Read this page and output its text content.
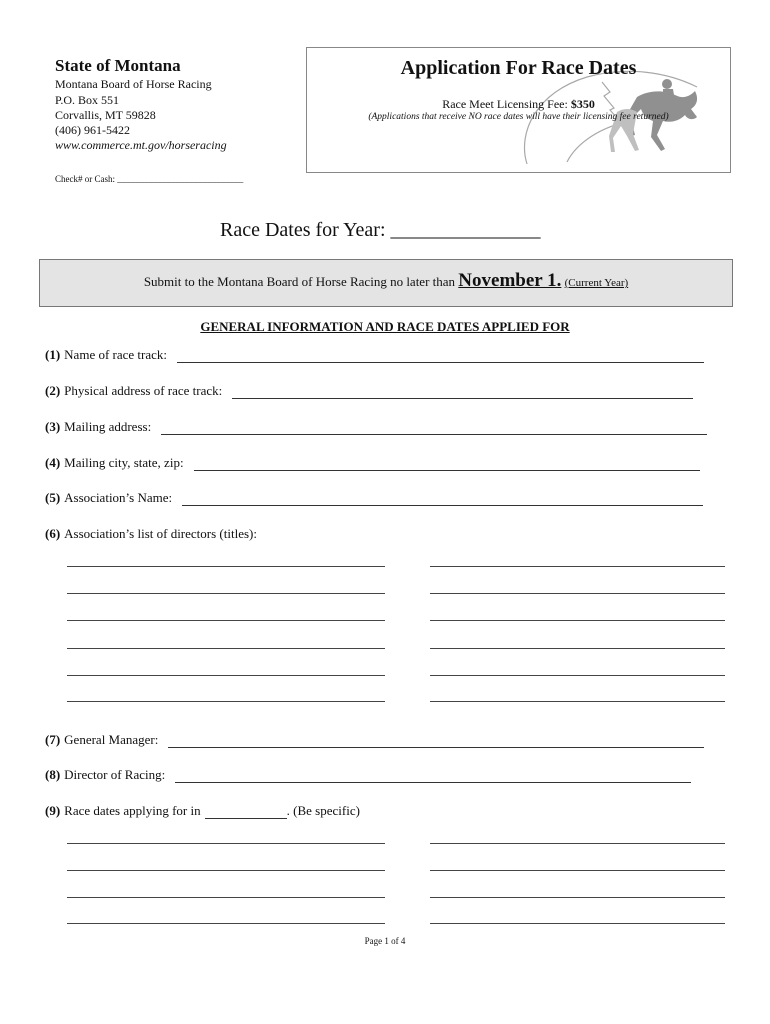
State of Montana
Montana Board of Horse Racing
P.O. Box 551
Corvallis, MT 59828
(406) 961-5422
www.commerce.mt.gov/horseracing
Check# or Cash: ____________________________
Application For Race Dates
Race Meet Licensing Fee: $350
(Applications that receive NO race dates will have their licensing fee returned)
Race Dates for Year: _______________
Submit to the Montana Board of Horse Racing no later than November 1. (Current Year)
GENERAL INFORMATION AND RACE DATES APPLIED FOR
(1) Name of race track:
(2) Physical address of race track:
(3) Mailing address:
(4) Mailing city, state, zip:
(5) Association’s Name:
(6) Association’s list of directors (titles):
(7) General Manager:
(8) Director of Racing:
(9) Race dates applying for in	. (Be specific)
Page 1 of 4
